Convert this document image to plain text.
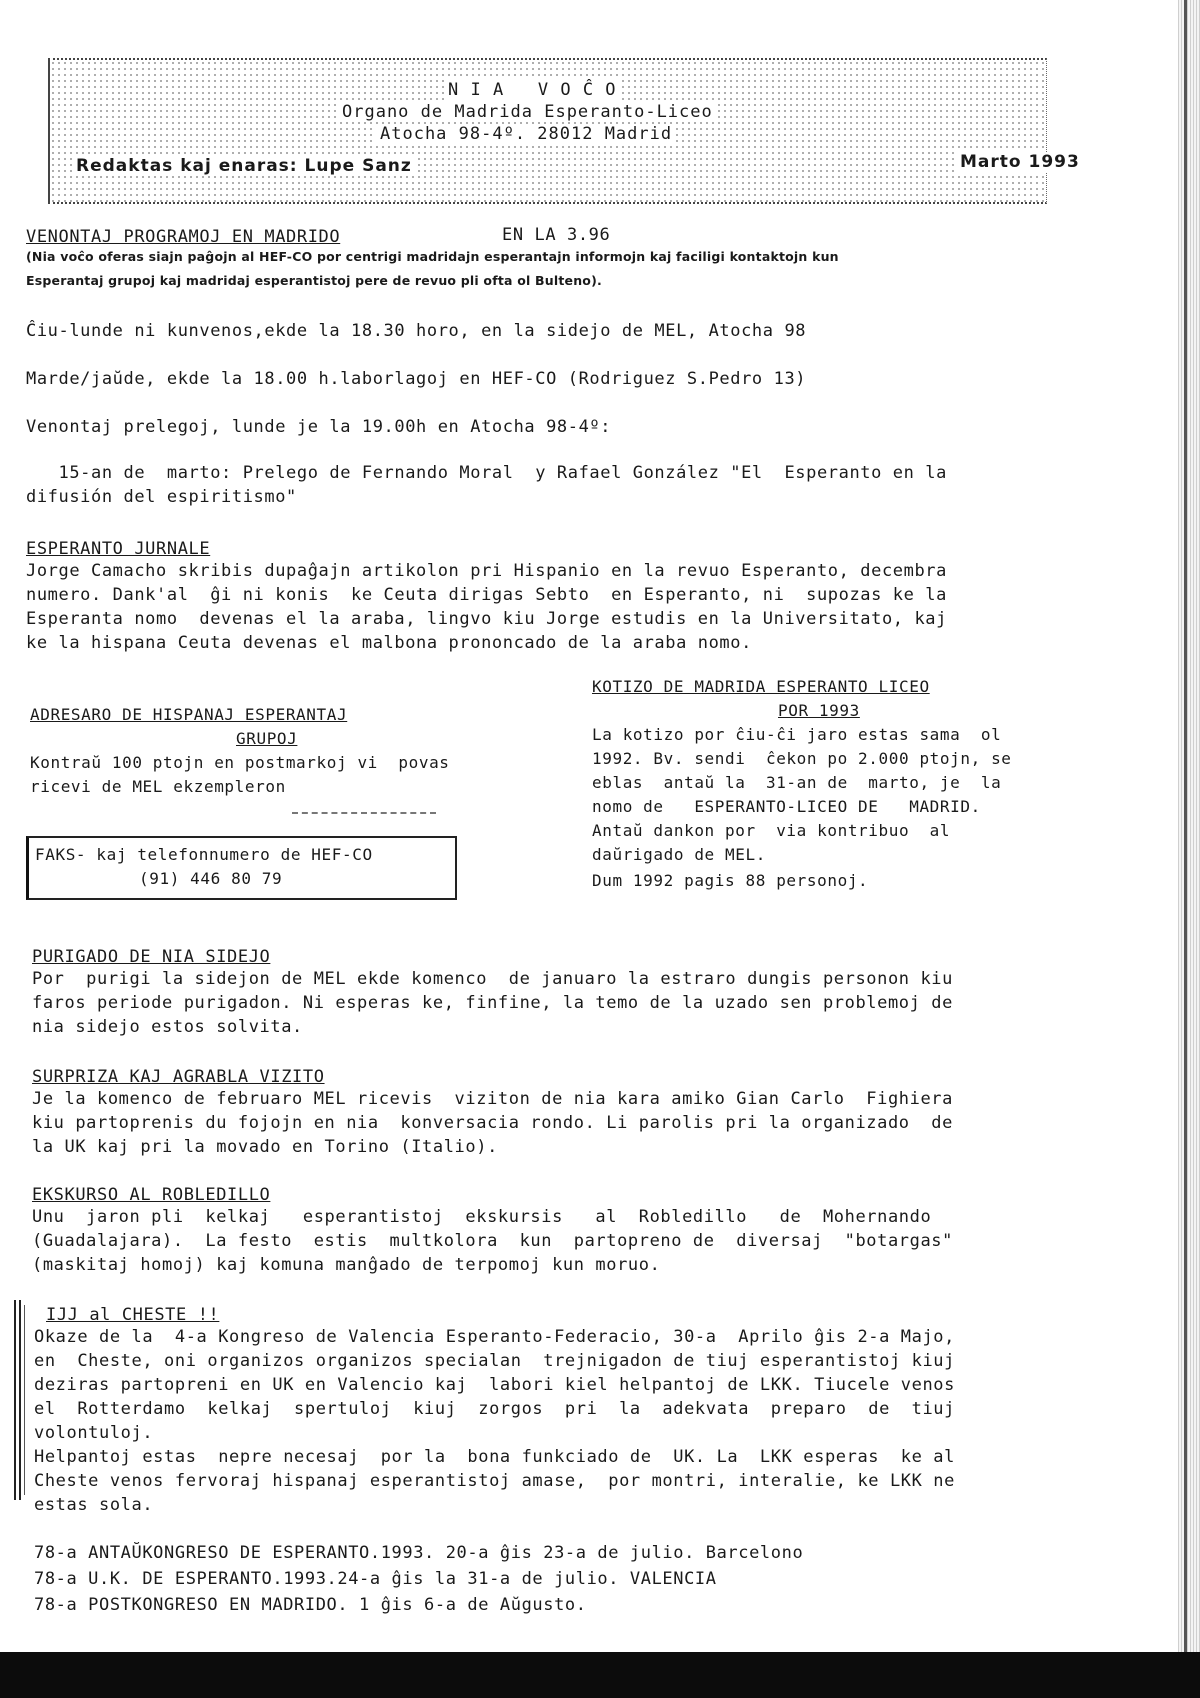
N I A   V O Ĉ O
Organo de Madrida Esperanto-Liceo
Atocha 98-4º. 28012 Madrid
Redaktas kaj enaras: Lupe Sanz	Marto 1993
VENONTAJ PROGRAMOJ EN MADRIDO	EN LA 3.96
(Nia voĉo oferas siajn paĝojn al HEF-CO por centrigi madridajn esperantajn informojn kaj faciligi kontaktojn kun
Esperantaj grupoj kaj madridaj esperantistoj pere de revuo pli ofta ol Bulteno).
Ĉiu-lunde ni kunvenos,ekde la 18.30 horo, en la sidejo de MEL, Atocha 98
Marde/jaŭde, ekde la 18.00 h.laborlagoj en HEF-CO (Rodriguez S.Pedro 13)
Venontaj prelegoj, lunde je la 19.00h en Atocha 98-4º:
15-an de  marto: Prelego de Fernando Moral  y Rafael González "El  Esperanto en la
difusión del espiritismo"
ESPERANTO JURNALE
Jorge Camacho skribis dupaĝajn artikolon pri Hispanio en la revuo Esperanto, decembra
numero. Dank'al  ĝi ni konis  ke Ceuta dirigas Sebto  en Esperanto, ni  supozas ke la
Esperanta nomo  devenas el la araba, lingvo kiu Jorge estudis en la Universitato, kaj
ke la hispana Ceuta devenas el malbona prononcado de la araba nomo.
KOTIZO DE MADRIDA ESPERANTO LICEO
POR 1993
La kotizo por ĉiu-ĉi jaro estas sama  ol
1992. Bv. sendi  ĉekon po 2.000 ptojn, se
eblas  antaŭ la  31-an de  marto, je  la
nomo de   ESPERANTO-LICEO DE   MADRID.
Antaŭ dankon por  via kontribuo  al
daŭrigado de MEL.
Dum 1992 pagis 88 personoj.
ADRESARO DE HISPANAJ ESPERANTAJ
GRUPOJ
Kontraŭ 100 ptojn en postmarkoj vi  povas
ricevi de MEL ekzempleron
FAKS- kaj telefonnumero de HEF-CO
(91) 446 80 79
PURIGADO DE NIA SIDEJO
Por  purigi la sidejon de MEL ekde komenco  de januaro la estraro dungis personon kiu
faros periode purigadon. Ni esperas ke, finfine, la temo de la uzado sen problemoj de
nia sidejo estos solvita.
SURPRIZA KAJ AGRABLA VIZITO
Je la komenco de februaro MEL ricevis  viziton de nia kara amiko Gian Carlo  Fighiera
kiu partoprenis du fojojn en nia  konversacia rondo. Li parolis pri la organizado  de
la UK kaj pri la movado en Torino (Italio).
EKSKURSO AL ROBLEDILLO
Unu  jaron pli  kelkaj   esperantistoj  ekskursis   al  Robledillo   de  Mohernando
(Guadalajara).  La festo  estis  multkolora  kun  partopreno de  diversaj  "botargas"
(maskitaj homoj) kaj komuna manĝado de terpomoj kun moruo.
IJJ al CHESTE !!
Okaze de la  4-a Kongreso de Valencia Esperanto-Federacio, 30-a  Aprilo ĝis 2-a Majo,
en  Cheste, oni organizos organizos specialan  trejnigadon de tiuj esperantistoj kiuj
deziras partopreni en UK en Valencio kaj  labori kiel helpantoj de LKK. Tiucele venos
el  Rotterdamo  kelkaj  spertuloj  kiuj  zorgos  pri  la  adekvata  preparo  de  tiuj
volontuloj.
Helpantoj estas  nepre necesaj  por la  bona funkciado de  UK. La  LKK esperas  ke al
Cheste venos fervoraj hispanaj esperantistoj amase,  por montri, interalie, ke LKK ne
estas sola.
78-a ANTAŬKONGRESO DE ESPERANTO.1993. 20-a ĝis 23-a de julio. Barcelono
78-a U.K. DE ESPERANTO.1993.24-a ĝis la 31-a de julio. VALENCIA
78-a POSTKONGRESO EN MADRIDO. 1 ĝis 6-a de Aŭgusto.
